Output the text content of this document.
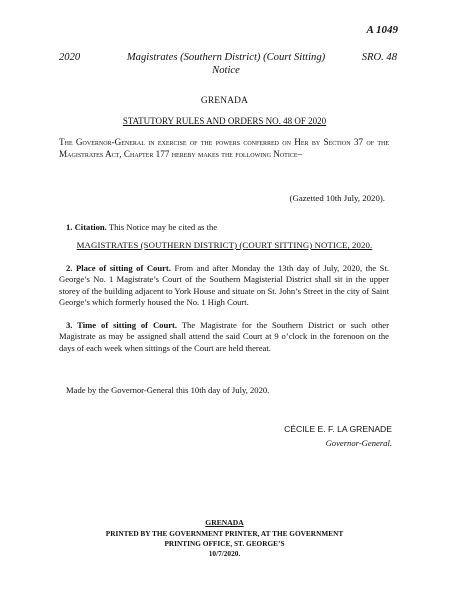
A 1049
2020	Magistrates (Southern District) (Court Sitting) Notice
SRO. 48
GRENADA
STATUTORY RULES AND ORDERS NO. 48 OF 2020
The Governor-General in exercise of the powers conferred on Her by Section 37 of the Magistrates Act, Chapter 177 hereby makes the following Notice–
(Gazetted 10th July, 2020).
1. Citation. This Notice may be cited as the
MAGISTRATES (SOUTHERN DISTRICT) (COURT SITTING) NOTICE, 2020.
2. Place of sitting of Court. From and after Monday the 13th day of July, 2020, the St. George’s No. 1 Magistrate’s Court of the Southern Magisterial District shall sit in the upper storey of the building adjacent to York House and situate on St. John’s Street in the city of Saint George’s which formerly housed the No. 1 High Court.
3. Time of sitting of Court. The Magistrate for the Southern District or such other Magistrate as may be assigned shall attend the said Court at 9 o’clock in the forenoon on the days of each week when sittings of the Court are held thereat.
Made by the Governor-General this 10th day of July, 2020.
CÉCILE E. F. LA GRENADE
Governor-General.
GRENADA
PRINTED BY THE GOVERNMENT PRINTER, AT THE GOVERNMENT
PRINTING OFFICE, ST. GEORGE’S
10/7/2020.
